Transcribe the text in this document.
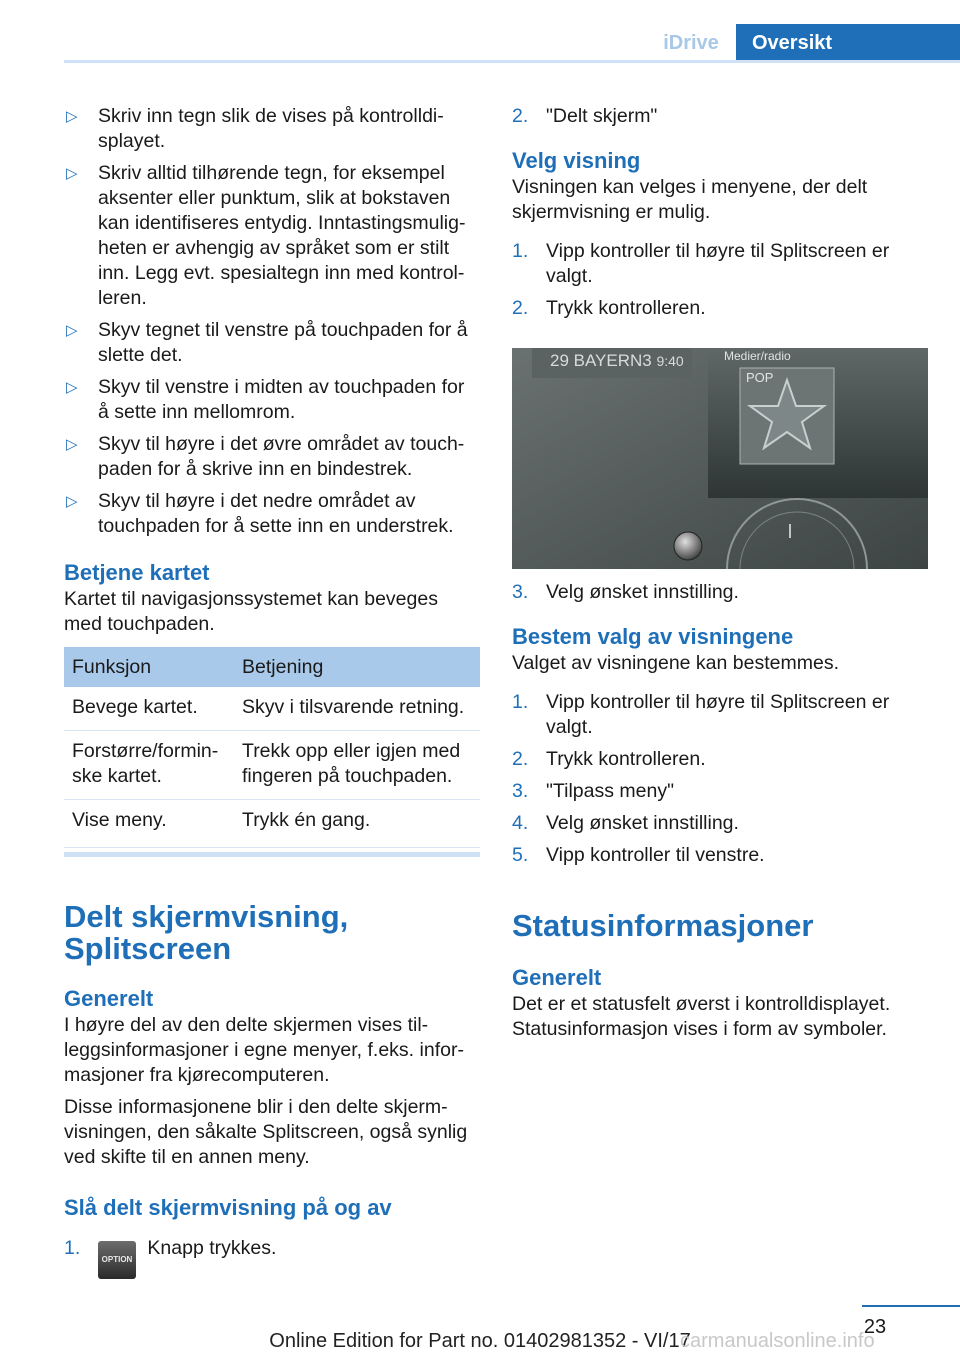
iDrive	Oversikt
▷ Skriv inn tegn slik de vises på kontrolldi‐splayet.
▷ Skriv alltid tilhørende tegn, for eksempel aksenter eller punktum, slik at bokstaven kan identifiseres entydig. Inntastingsmulig‐heten er avhengig av språket som er stilt inn. Legg evt. spesialtegn inn med kontrol‐leren.
▷ Skyv tegnet til venstre på touchpaden for å slette det.
▷ Skyv til venstre i midten av touchpaden for å sette inn mellomrom.
▷ Skyv til høyre i det øvre området av touch‐paden for å skrive inn en bindestrek.
▷ Skyv til høyre i det nedre området av touchpaden for å sette inn en understrek.
Betjene kartet

Kartet til navigasjonssystemet kan beveges med touchpaden.

Funksjon	Betjening
Bevege kartet.	Skyv i tilsvarende retning.
Forstørre/formin‐ske kartet.	Trekk opp eller igjen med fingeren på touchpaden.
Vise meny.	Trykk én gang.
Delt skjermvisning, Splitscreen
Generelt

I høyre del av den delte skjermen vises til‐leggsinformasjoner i egne menyer, f.eks. infor‐masjoner fra kjørecomputeren.

Disse informasjonene blir i den delte skjerm‐visningen, den såkalte Splitscreen, også synlig ved skifte til en annen meny.

Slå delt skjermvisning på og av
1.
OPTION Knapp trykkes.
2. "Delt skjerm"
Velg visning

Visningen kan velges i menyene, der delt skjermvisning er mulig.

1. Vipp kontroller til høyre til Splitscreen er valgt.
2. Trykk kontrolleren.
29 BAYERN3 9:40	Medier/radio
POP
3. Velg ønsket innstilling.
Bestem valg av visningene

Valget av visningene kan bestemmes.

1. Vipp kontroller til høyre til Splitscreen er valgt.
2. Trykk kontrolleren.
3. "Tilpass meny"
4. Velg ønsket innstilling.
5. Vipp kontroller til venstre.
Statusinformasjoner
Generelt

Det er et statusfelt øverst i kontrolldisplayet. Statusinformasjon vises i form av symboler.

23
Online Edition for Part no. 01402981352 - VI/17
carmanualsonline.info
